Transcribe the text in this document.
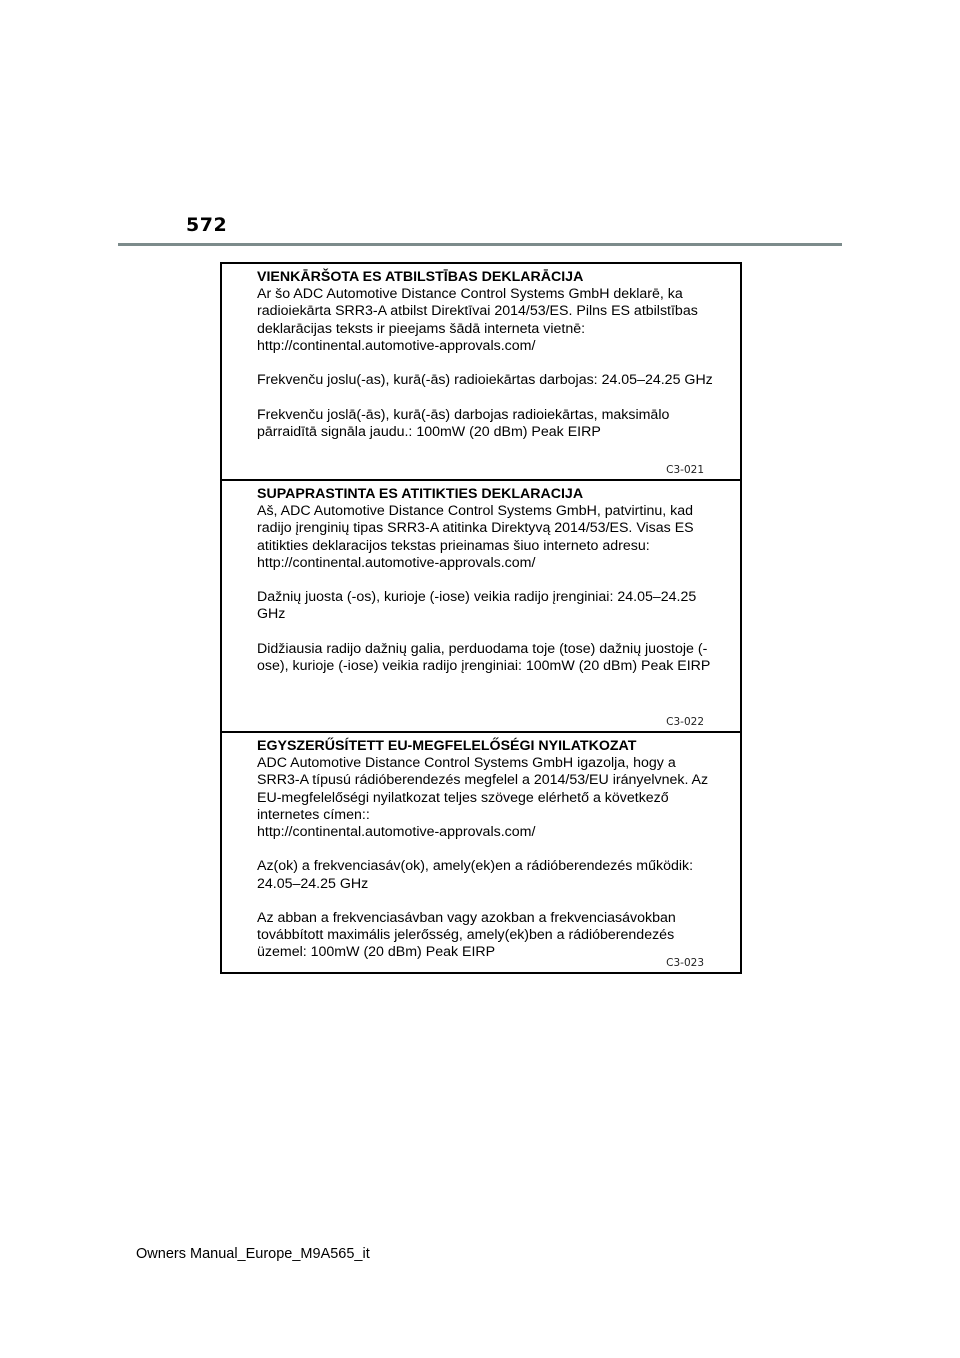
572
VIENKĀRŠOTA ES ATBILSTĪBAS DEKLARĀCIJA

Ar šo ADC Automotive Distance Control Systems GmbH deklarē, ka
radioiekārta SRR3-A atbilst Direktīvai 2014/53/ES. Pilns ES atbilstības
deklarācijas teksts ir pieejams šādā interneta vietnē:
http://continental.automotive-approvals.com/

Frekvenču joslu(-as), kurā(-ās) radioiekārtas darbojas: 24.05–24.25 GHz

Frekvenču joslā(-ās), kurā(-ās) darbojas radioiekārtas, maksimālo
pārraidītā signāla jaudu.: 100mW (20 dBm) Peak EIRP

C3-021
SUPAPRASTINTA ES ATITIKTIES DEKLARACIJA

Aš, ADC Automotive Distance Control Systems GmbH, patvirtinu, kad
radijo įrenginių tipas SRR3-A atitinka Direktyvą 2014/53/ES. Visas ES
atitikties deklaracijos tekstas prieinamas šiuo interneto adresu:
http://continental.automotive-approvals.com/

Dažnių juosta (-os), kurioje (-iose) veikia radijo įrenginiai: 24.05–24.25
GHz

Didžiausia radijo dažnių galia, perduodama toje (tose) dažnių juostoje (-
ose), kurioje (-iose) veikia radijo įrenginiai: 100mW (20 dBm) Peak EIRP

C3-022
EGYSZERŰSÍTETT EU-MEGFELELŐSÉGI NYILATKOZAT

ADC Automotive Distance Control Systems GmbH igazolja, hogy a
SRR3-A típusú rádióberendezés megfelel a 2014/53/EU irányelvnek. Az
EU-megfelelőségi nyilatkozat teljes szövege elérhető a következő
internetes címen::
http://continental.automotive-approvals.com/

Az(ok) a frekvenciasáv(ok), amely(ek)en a rádióberendezés működik:
24.05–24.25 GHz

Az abban a frekvenciasávban vagy azokban a frekvenciasávokban
továbbított maximális jelerősség, amely(ek)ben a rádióberendezés
üzemel: 100mW (20 dBm) Peak EIRP

C3-023
Owners Manual_Europe_M9A565_it
